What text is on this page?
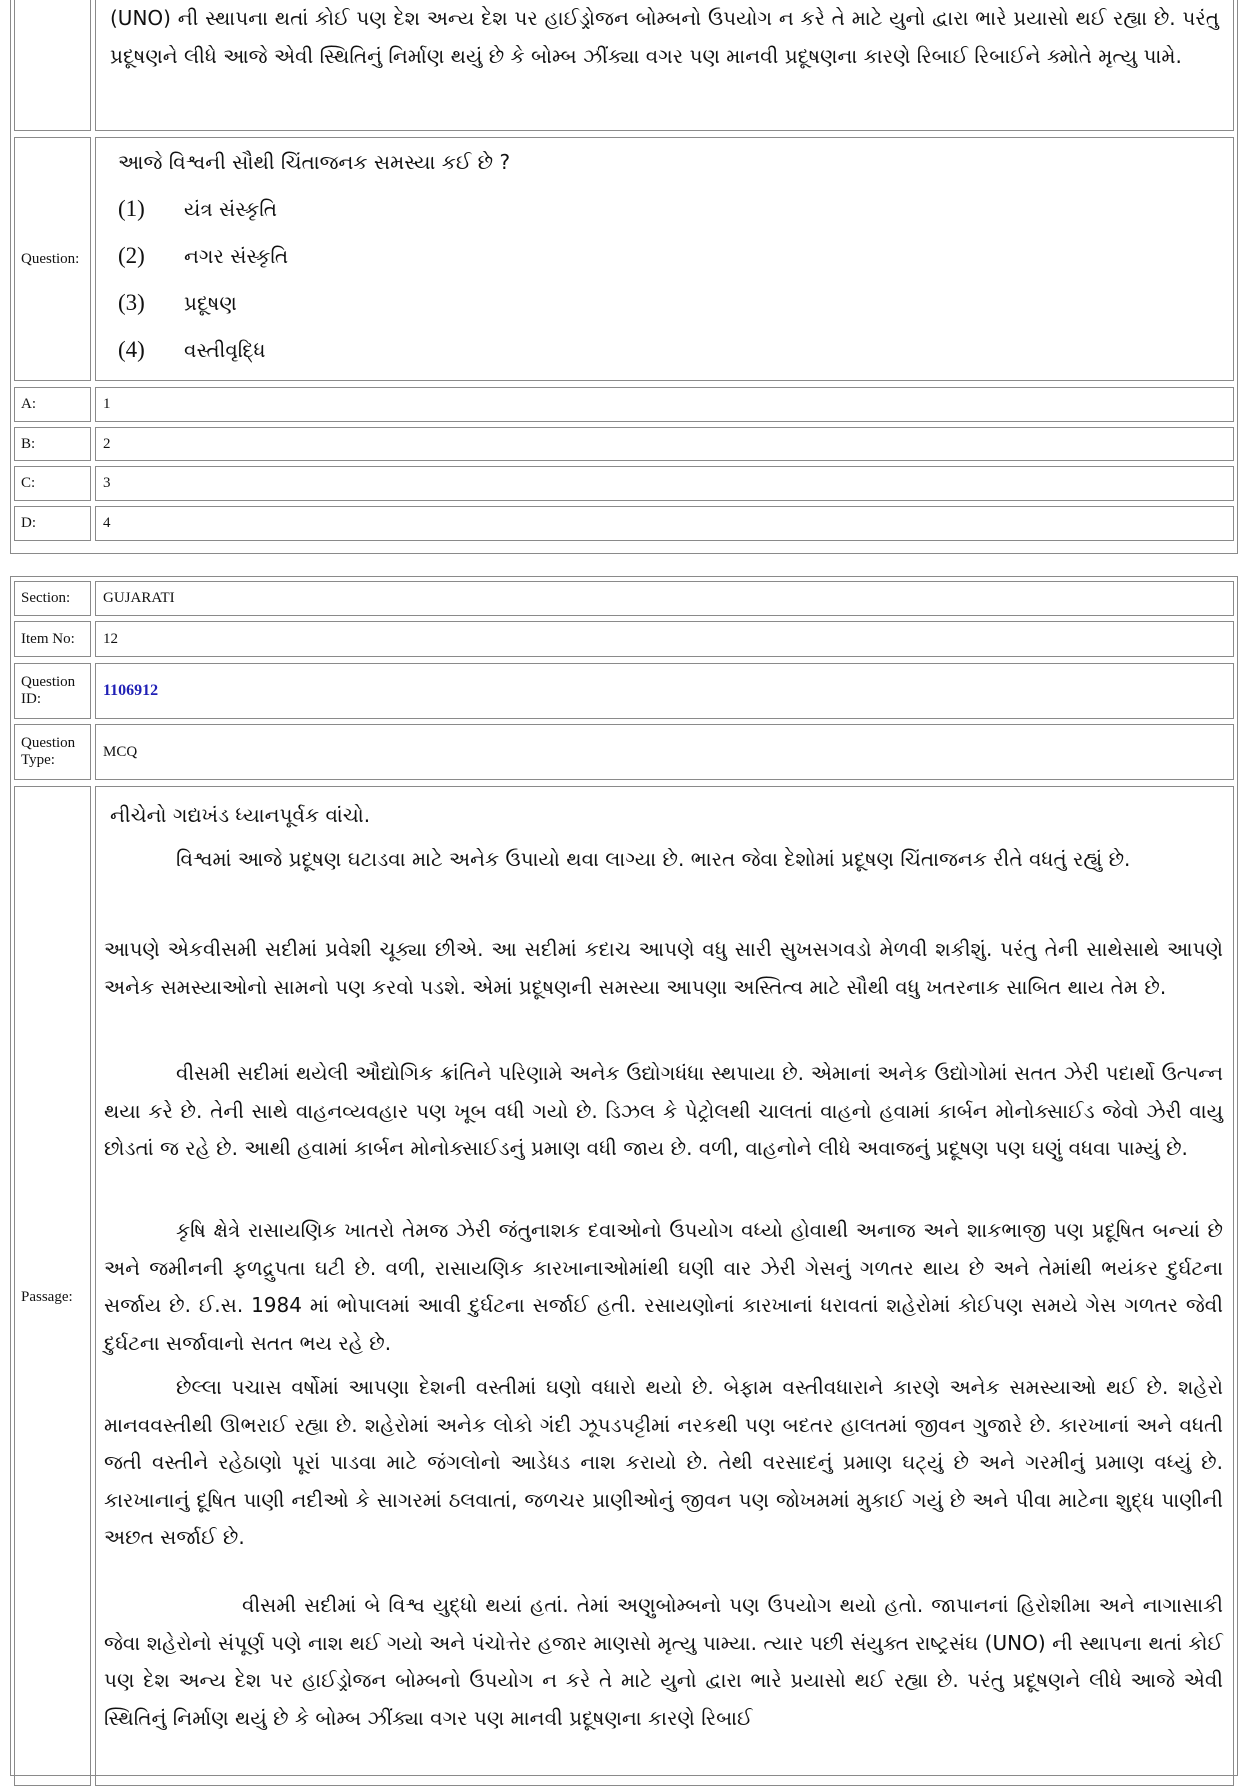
(UNO) ની સ્થાપના થતાં કોઈ પણ દેશ અન્ય દેશ પર હાઈડ્રોજન બોમ્બનો ઉપયોગ ન કરે તે માટે યુનો દ્વારા ભારે પ્રયાસો થઈ રહ્યા છે. પરંતુ પ્રદૂષણને લીધે આજે એવી સ્થિતિનું નિર્માણ થયું છે કે બોમ્બ ઝીંક્યા વગર પણ માનવી પ્રદૂષણના કારણે રિબાઈ રિબાઈને ક્મોતે મૃત્યુ પામે.

Question:
આજે વિશ્વની સૌથી ચિંતાજનક સમસ્યા કઈ છે ?
(1) યંત્ર સંસ્કૃતિ
(2) નગર સંસ્કૃતિ
(3) પ્રદૂષણ
(4) વસ્તીવૃદ્ધિ
A:	1
B:	2
C:	3
D:	4
Section:	GUJARATI
Item No:	12
Question ID:	1106912
Question Type:
MCQ
Passage:

નીચેનો ગદ્યખંડ ધ્યાનપૂર્વક વાંચો.

વિશ્વમાં આજે પ્રદૂષણ ઘટાડવા માટે અનેક ઉપાયો થવા લાગ્યા છે. ભારત જેવા દેશોમાં પ્રદૂષણ ચિંતાજનક રીતે વધતું રહ્યું છે.

આપણે એકવીસમી સદીમાં પ્રવેશી ચૂક્યા છીએ. આ સદીમાં કદાચ આપણે વધુ સારી સુખસગવડો મેળવી શકીશું. પરંતુ તેની સાથેસાથે આપણે અનેક સમસ્યાઓનો સામનો પણ કરવો પડશે. એમાં પ્રદૂષણની સમસ્યા આપણા અસ્તિત્વ માટે સૌથી વધુ ખતરનાક સાબિત થાય તેમ છે.

વીસમી સદીમાં થયેલી ઔદ્યોગિક ક્રાંતિને પરિણામે અનેક ઉદ્યોગધંધા સ્થપાયા છે. એમાનાં અનેક ઉદ્યોગોમાં સતત ઝેરી પદાર્થો ઉત્પન્ન થયા કરે છે. તેની સાથે વાહનવ્યવહાર પણ ખૂબ વધી ગયો છે. ડિઝલ કે પેટ્રોલથી ચાલતાં વાહનો હવામાં કાર્બન મોનોક્સાઈડ જેવો ઝેરી વાયુ છોડતાં જ રહે છે. આથી હવામાં કાર્બન મોનોક્સાઈડનું પ્રમાણ વધી જાય છે. વળી, વાહનોને લીધે અવાજનું પ્રદૂષણ પણ ઘણું વધવા પામ્યું છે.

કૃષિ ક્ષેત્રે રાસાયણિક ખાતરો તેમજ ઝેરી જંતુનાશક દવાઓનો ઉપયોગ વધ્યો હોવાથી અનાજ અને શાકભાજી પણ પ્રદૂષિત બન્યાં છે અને જમીનની ફળદ્રુપતા ઘટી છે. વળી, રાસાયણિક કારખાનાઓમાંથી ઘણી વાર ઝેરી ગેસનું ગળતર થાય છે અને તેમાંથી ભયંકર દુર્ઘટના સર્જાય છે. ઈ.સ. 1984 માં ભોપાલમાં આવી દુર્ઘટના સર્જાઈ હતી. રસાયણોનાં કારખાનાં ધરાવતાં શહેરોમાં કોઈપણ સમયે ગેસ ગળતર જેવી દુર્ઘટના સર્જાવાનો સતત ભય રહે છે.

છેલ્લા પચાસ વર્ષોમાં આપણા દેશની વસ્તીમાં ઘણો વધારો થયો છે. બેફામ વસ્તીવધારાને કારણે અનેક સમસ્યાઓ થઈ છે. શહેરો માનવવસ્તીથી ઊભરાઈ રહ્યા છે. શહેરોમાં અનેક લોકો ગંદી ઝૂપડપટ્ટીમાં નરકથી પણ બદતર હાલતમાં જીવન ગુજારે છે. કારખાનાં અને વધતી જતી વસ્તીને રહેઠાણો પૂરાં પાડવા માટે જંગલોનો આડેધડ નાશ કરાયો છે. તેથી વરસાદનું પ્રમાણ ઘટ્યું છે અને ગરમીનું પ્રમાણ વધ્યું છે. કારખાનાનું દૂષિત પાણી નદીઓ કે સાગરમાં ઠલવાતાં, જળચર પ્રાણીઓનું જીવન પણ જોખમમાં મુકાઈ ગયું છે અને પીવા માટેના શુદ્ધ પાણીની અછત સર્જાઈ છે.

વીસમી સદીમાં બે વિશ્વ યુદ્ધો થયાં હતાં. તેમાં અણુબોમ્બનો પણ ઉપયોગ થયો હતો. જાપાનનાં હિરોશીમા અને નાગાસાકી જેવા શહેરોનો સંપૂર્ણ પણે નાશ થઈ ગયો અને પંચોત્તેર હજાર માણસો મૃત્યુ પામ્યા. ત્યાર પછી સંયુક્ત રાષ્ટ્રસંઘ (UNO) ની સ્થાપના થતાં કોઈ પણ દેશ અન્ય દેશ પર હાઈડ્રોજન બોમ્બનો ઉપયોગ ન કરે તે માટે યુનો દ્વારા ભારે પ્રયાસો થઈ રહ્યા છે. પરંતુ પ્રદૂષણને લીધે આજે એવી સ્થિતિનું નિર્માણ થયું છે કે બોમ્બ ઝીંક્યા વગર પણ માનવી પ્રદૂષણના કારણે રિબાઈ
